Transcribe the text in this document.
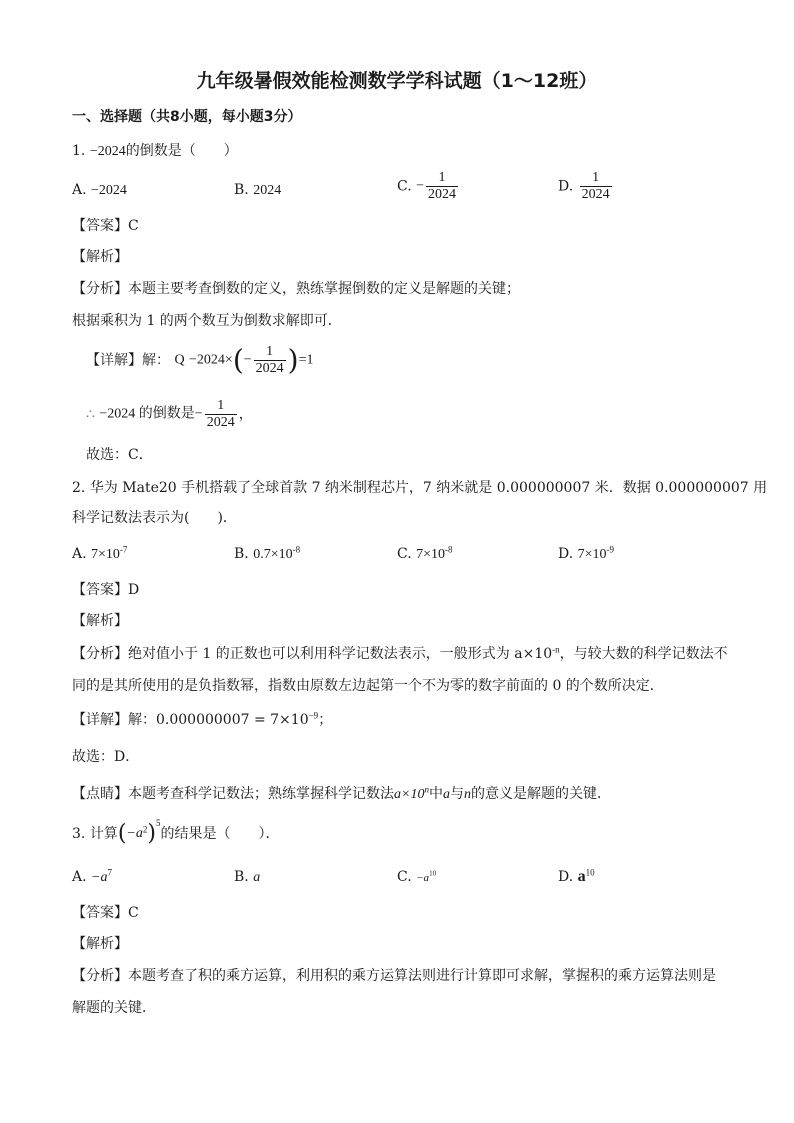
九年级暑假效能检测数学学科试题（1～12班）
一、选择题（共8小题，每小题3分）
1. −2024的倒数是（　　）
A. −2024	B. 2024	C. − $\frac{1}{2024}$	D. $\frac{1}{2024}$
【答案】C
【解析】
【分析】本题主要考查倒数的定义，熟练掌握倒数的定义是解题的关键；
根据乘积为 1 的两个数互为倒数求解即可．
【详解】解： $Q -2024\times(- \frac{1}{2024} )=1$
∴ −2024 的倒数是− $\frac{1}{2024}$ ，
故选：C．
2. 华为 Mate20 手机搭载了全球首款 7 纳米制程芯片，7 纳米就是 0.000000007 米．数据 0.000000007 用
科学记数法表示为(　　)．
A. $7\times 10^{-7}$	B. $0.7\times 10^{-8}$	C. $7\times 10^{-8}$	D. $7\times 10^{-9}$
【答案】D
【解析】
【分析】绝对值小于 1 的正数也可以利用科学记数法表示，一般形式为 $a\times 10^{-n}$，与较大数的科学记数法不
同的是其所使用的是负指数幂，指数由原数左边起第一个不为零的数字前面的 0 的个数所决定．
【详解】解：$0.000000007 = 7\times 10^{-9}$；
故选：D．
【点睛】本题考查科学记数法；熟练掌握科学记数法$a\times 10^n$中a与n的意义是解题的关键．
3. 计算$(-a^2)^5$的结果是（　　）．
A. $-a^7$	B. a	C. $-a^{10}$	D. $a^{10}$
【答案】C
【解析】
【分析】本题考查了积的乘方运算，利用积的乘方运算法则进行计算即可求解，掌握积的乘方运算法则是
解题的关键．
